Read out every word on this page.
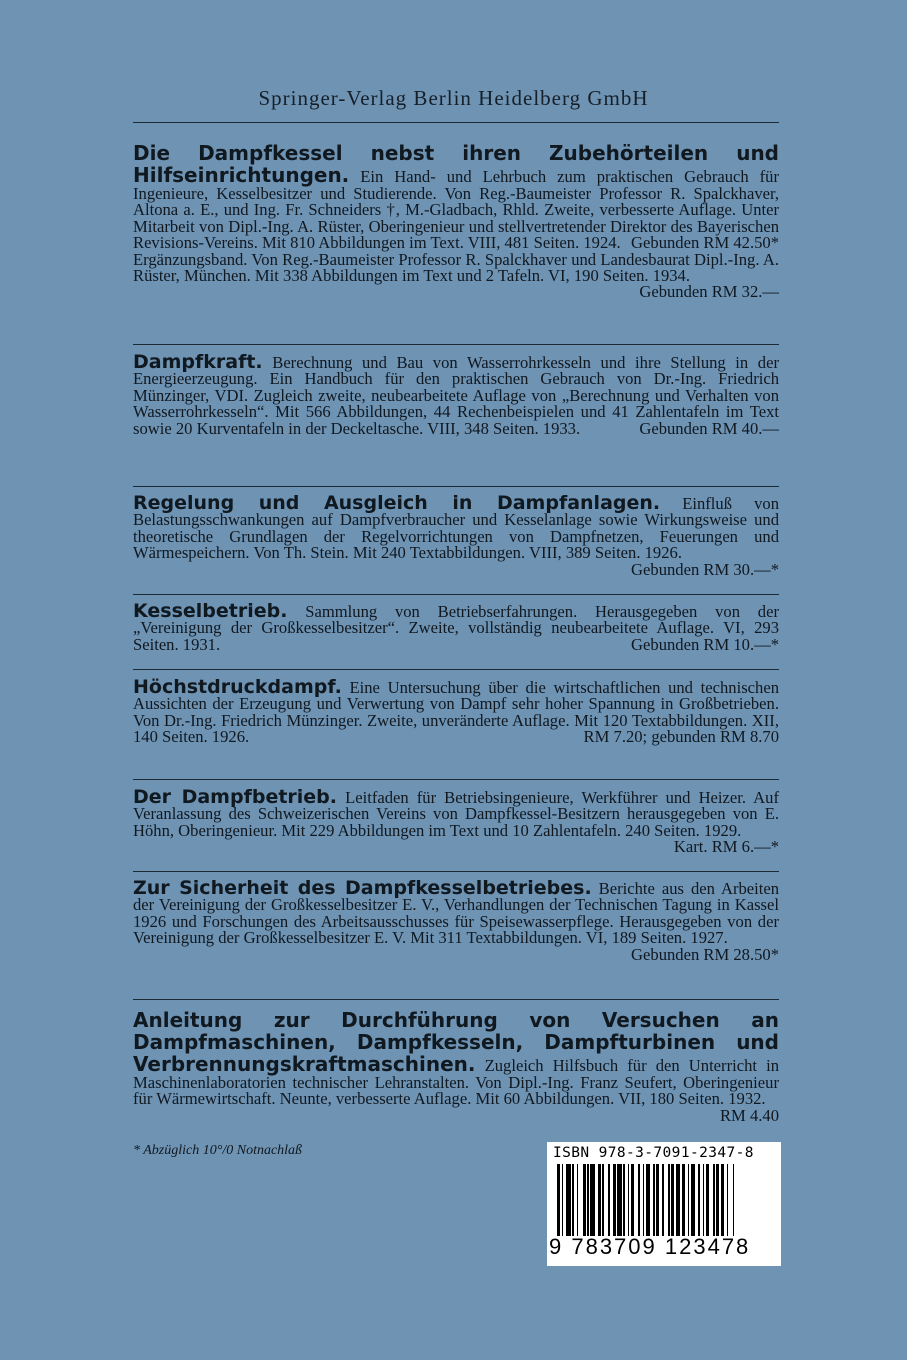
Springer-Verlag Berlin Heidelberg GmbH

Die Dampfkessel nebst ihren Zubehörteilen und Hilfseinrichtungen. Ein Hand- und Lehrbuch zum praktischen Gebrauch für Ingenieure, Kesselbesitzer und Studierende. Von Reg.-Baumeister Professor R. Spalckhaver, Altona a. E., und Ing. Fr. Schneiders †, M.-Gladbach, Rhld. Zweite, verbesserte Auflage. Unter Mitarbeit von Dipl.-Ing. A. Rüster, Oberingenieur und stellvertretender Direktor des Bayerischen Revisions-Vereins. Mit 810 Abbildungen im Text. VIII, 481 Seiten. 1924. Gebunden RM 42.50*

Ergänzungsband. Von Reg.-Baumeister Professor R. Spalckhaver und Landesbaurat Dipl.-Ing. A. Rüster, München. Mit 338 Abbildungen im Text und 2 Tafeln. VI, 190 Seiten. 1934.
Gebunden RM 32.—

Dampfkraft. Berechnung und Bau von Wasserrohrkesseln und ihre Stellung in der Energieerzeugung. Ein Handbuch für den praktischen Gebrauch von Dr.-Ing. Friedrich Münzinger, VDI. Zugleich zweite, neubearbeitete Auflage von „Berechnung und Verhalten von Wasserrohrkesseln“. Mit 566 Abbildungen, 44 Rechenbeispielen und 41 Zahlentafeln im Text sowie 20 Kurventafeln in der Deckeltasche. VIII, 348 Seiten. 1933.	Gebunden RM 40.—

Regelung und Ausgleich in Dampfanlagen. Einfluß von Belastungsschwankungen auf Dampfverbraucher und Kesselanlage sowie Wirkungsweise und theoretische Grundlagen der Regelvorrichtungen von Dampfnetzen, Feuerungen und Wärmespeichern. Von Th. Stein. Mit 240 Textabbildungen. VIII, 389 Seiten. 1926.
Gebunden RM 30.—*

Kesselbetrieb. Sammlung von Betriebserfahrungen. Herausgegeben von der „Vereinigung der Großkesselbesitzer“. Zweite, vollständig neubearbeitete Auflage. VI, 293 Seiten. 1931.	Gebunden RM 10.—*

Höchstdruckdampf. Eine Untersuchung über die wirtschaftlichen und technischen Aussichten der Erzeugung und Verwertung von Dampf sehr hoher Spannung in Großbetrieben. Von Dr.-Ing. Friedrich Münzinger. Zweite, unveränderte Auflage. Mit 120 Textabbildungen. XII, 140 Seiten. 1926.	RM 7.20; gebunden RM 8.70

Der Dampfbetrieb. Leitfaden für Betriebsingenieure, Werkführer und Heizer. Auf Veranlassung des Schweizerischen Vereins von Dampfkessel-Besitzern herausgegeben von E. Höhn, Oberingenieur. Mit 229 Abbildungen im Text und 10 Zahlentafeln. 240 Seiten. 1929.
Kart. RM 6.—*

Zur Sicherheit des Dampfkesselbetriebes. Berichte aus den Arbeiten der Vereinigung der Großkesselbesitzer E. V., Verhandlungen der Technischen Tagung in Kassel 1926 und Forschungen des Arbeitsausschusses für Speisewasserpflege. Herausgegeben von der Vereinigung der Großkesselbesitzer E. V. Mit 311 Textabbildungen. VI, 189 Seiten. 1927.
Gebunden RM 28.50*

Anleitung zur Durchführung von Versuchen an Dampfmaschinen, Dampfkesseln, Dampfturbinen und Verbrennungskraftmaschinen. Zugleich Hilfsbuch für den Unterricht in Maschinenlaboratorien technischer Lehranstalten. Von Dipl.-Ing. Franz Seufert, Oberingenieur für Wärmewirtschaft. Neunte, verbesserte Auflage. Mit 60 Abbildungen. VII, 180 Seiten. 1932.
RM 4.40

* Abzüglich 10°/0 Notnachlaß	ISBN 978-3-7091-2347-8
9 783709 123478
